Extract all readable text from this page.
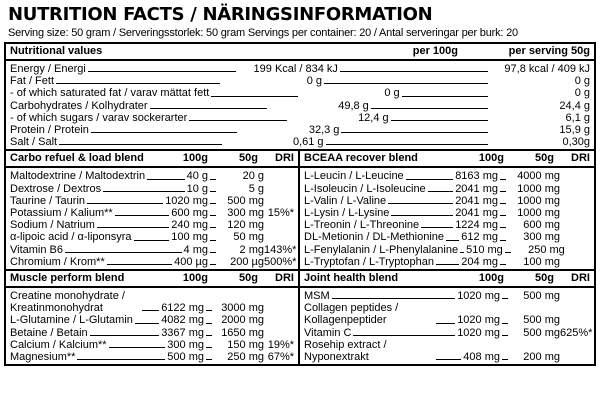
NUTRITION FACTS / NÄRINGSINFORMATION
Serving size: 50 gram / Serveringsstorlek: 50 gram Servings per container: 20 / Antal serveringar per burk: 20
Nutritional values	per 100g	per serving 50g
Energy / Energi	199 Kcal / 834 kJ	97,8 kcal / 409 kJ
Fat / Fett	0 g	0 g
- of which saturated fat / varav mättat fett	0 g	0 g
Carbohydrates / Kolhydrater	49,8 g	24,4 g
- of which sugars / varav sockerarter	12,4 g	6,1 g
Protein / Protein	32,3 g	15,9 g
Salt / Salt	0,61 g	0,30g
Carbo refuel & load blend	100g	50g	DRI
Maltodextrine / Maltodextrin	40 g	20 g
Dextrose / Dextros	10 g	5 g
Taurine / Taurin	1020 mg	500 mg
Potassium / Kalium**	600 mg	300 mg 15%*
Sodium / Natrium	240 mg	120 mg
α-lipoic acid / α-liponsyra	100 mg	50 mg
Vitamin B6	4 mg	2 mg 143%*
Chromium / Krom**	400 µg	200 µg 500%*
BCEAA recover blend	100g	50g	DRI
L-Leucin / L-Leucine	8163 mg	4000 mg
L-Isoleucin / L-Isoleucine	2041 mg	1000 mg
L-Valin / L-Valine	2041 mg	1000 mg
L-Lysin / L-Lysine	2041 mg	1000 mg
L-Treonin / L-Threonine	1224 mg	600 mg
DL-Metionin / DL-Methionine 612 mg	300 mg
L-Fenylalanin / L-Phenylalanine 510 mg	250 mg
L-Tryptofan / L-Tryptophan 204 mg	100 mg
Muscle perform blend	100g	50g	DRI
Creatine monohydrate / Kreatinmonohydrat	6122 mg	3000 mg
L-Glutamine / L-Glutamin	4082 mg	2000 mg
Betaine / Betain	3367 mg	1650 mg
Calcium / Kalcium**	300 mg	150 mg 19%*
Magnesium**	500 mg	250 mg 67%*
Joint health blend	100g	50g	DRI
MSM	1020 mg	500 mg
Collagen peptides / Kollagenpeptider	1020 mg	500 mg
Vitamin C	1020 mg	500 mg 625%*
Rosehip extract / Nyponextrakt	408 mg	200 mg
